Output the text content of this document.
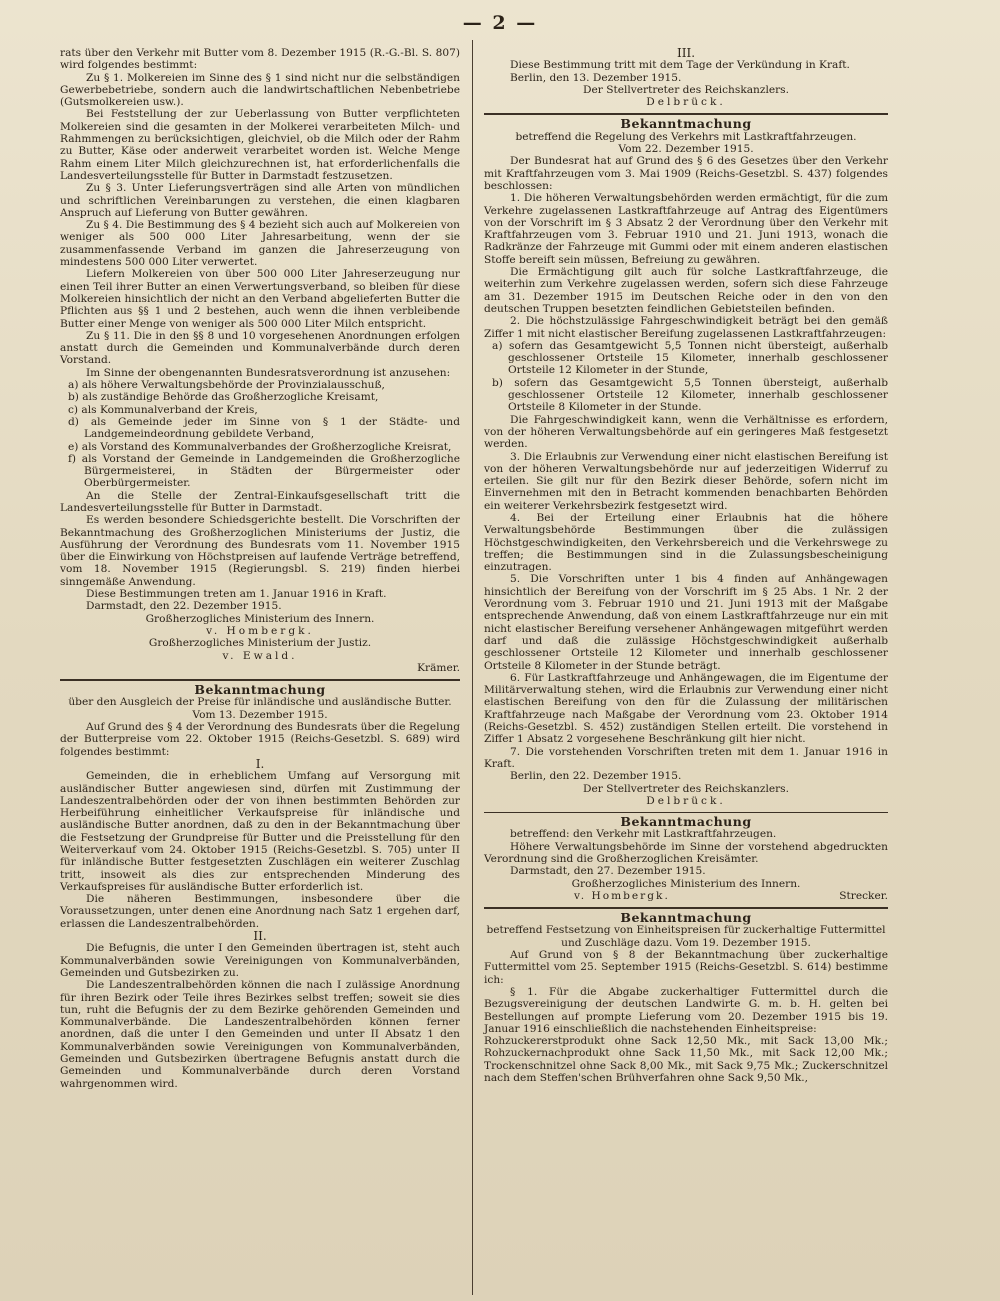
— 2 —

rats über den Verkehr mit Butter vom 8. Dezember 1915 (R.-G.-Bl. S. 807) wird folgendes bestimmt:

Zu § 1. Molkereien im Sinne des § 1 sind nicht nur die selbständigen Gewerbebetriebe, sondern auch die landwirtschaftlichen Nebenbetriebe (Gutsmolkereien usw.).

Bei Feststellung der zur Ueberlassung von Butter verpflichteten Molkereien sind die gesamten in der Molkerei verarbeiteten Milch- und Rahmmengen zu berücksichtigen, gleichviel, ob die Milch oder der Rahm zu Butter, Käse oder anderweit verarbeitet worden ist. Welche Menge Rahm einem Liter Milch gleichzurechnen ist, hat erforderlichenfalls die Landesverteilungsstelle für Butter in Darmstadt festzusetzen.

Zu § 3. Unter Lieferungsverträgen sind alle Arten von mündlichen und schriftlichen Vereinbarungen zu verstehen, die einen klagbaren Anspruch auf Lieferung von Butter gewähren.

Zu § 4. Die Bestimmung des § 4 bezieht sich auch auf Molkereien von weniger als 500 000 Liter Jahresarbeitung, wenn der sie zusammenfassende Verband im ganzen die Jahreserzeugung von mindestens 500 000 Liter verwertet.

Liefern Molkereien von über 500 000 Liter Jahreserzeugung nur einen Teil ihrer Butter an einen Verwertungsverband, so bleiben für diese Molkereien hinsichtlich der nicht an den Verband abgelieferten Butter die Pflichten aus §§ 1 und 2 bestehen, auch wenn die ihnen verbleibende Butter einer Menge von weniger als 500 000 Liter Milch entspricht.

Zu § 11. Die in den §§ 8 und 10 vorgesehenen Anordnungen erfolgen anstatt durch die Gemeinden und Kommunalverbände durch deren Vorstand.

Im Sinne der obengenannten Bundesratsverordnung ist anzusehen:

a) als höhere Verwaltungsbehörde der Provinzialausschuß,

b) als zuständige Behörde das Großherzogliche Kreisamt,

c) als Kommunalverband der Kreis,

d) als Gemeinde jeder im Sinne von § 1 der Städte- und Landgemeindeordnung gebildete Verband,

e) als Vorstand des Kommunalverbandes der Großherzogliche Kreisrat,

f) als Vorstand der Gemeinde in Landgemeinden die Großherzogliche Bürgermeisterei, in Städten der Bürgermeister oder Oberbürgermeister.

An die Stelle der Zentral-Einkaufsgesellschaft tritt die Landesverteilungsstelle für Butter in Darmstadt.

Es werden besondere Schiedsgerichte bestellt. Die Vorschriften der Bekanntmachung des Großherzoglichen Ministeriums der Justiz, die Ausführung der Verordnung des Bundesrats vom 11. November 1915 über die Einwirkung von Höchstpreisen auf laufende Verträge betreffend, vom 18. November 1915 (Regierungsbl. S. 219) finden hierbei sinngemäße Anwendung.

Diese Bestimmungen treten am 1. Januar 1916 in Kraft.

Darmstadt, den 22. Dezember 1915.

Großherzogliches Ministerium des Innern.

v. Hombergk.

Großherzogliches Ministerium der Justiz.

v. Ewald.

Krämer.

Bekanntmachung

über den Ausgleich der Preise für inländische und ausländische Butter.

Vom 13. Dezember 1915.

Auf Grund des § 4 der Verordnung des Bundesrats über die Regelung der Butterpreise vom 22. Oktober 1915 (Reichs-Gesetzbl. S. 689) wird folgendes bestimmt:

I.

Gemeinden, die in erheblichem Umfang auf Versorgung mit ausländischer Butter angewiesen sind, dürfen mit Zustimmung der Landeszentralbehörden oder der von ihnen bestimmten Behörden zur Herbeiführung einheitlicher Verkaufspreise für inländische und ausländische Butter anordnen, daß zu den in der Bekanntmachung über die Festsetzung der Grundpreise für Butter und die Preisstellung für den Weiterverkauf vom 24. Oktober 1915 (Reichs-Gesetzbl. S. 705) unter II für inländische Butter festgesetzten Zuschlägen ein weiterer Zuschlag tritt, insoweit als dies zur entsprechenden Minderung des Verkaufspreises für ausländische Butter erforderlich ist.

Die näheren Bestimmungen, insbesondere über die Voraussetzungen, unter denen eine Anordnung nach Satz 1 ergehen darf, erlassen die Landeszentralbehörden.

II.

Die Befugnis, die unter I den Gemeinden übertragen ist, steht auch Kommunalverbänden sowie Vereinigungen von Kommunalverbänden, Gemeinden und Gutsbezirken zu.

Die Landeszentralbehörden können die nach I zulässige Anordnung für ihren Bezirk oder Teile ihres Bezirkes selbst treffen; soweit sie dies tun, ruht die Befugnis der zu dem Bezirke gehörenden Gemeinden und Kommunalverbände. Die Landeszentralbehörden können ferner anordnen, daß die unter I den Gemeinden und unter II Absatz 1 den Kommunalverbänden sowie Vereinigungen von Kommunalverbänden, Gemeinden und Gutsbezirken übertragene Befugnis anstatt durch die Gemeinden und Kommunalverbände durch deren Vorstand wahrgenommen wird.

III.

Diese Bestimmung tritt mit dem Tage der Verkündung in Kraft.

Berlin, den 13. Dezember 1915.

Der Stellvertreter des Reichskanzlers.

Delbrück.

Bekanntmachung

betreffend die Regelung des Verkehrs mit Lastkraftfahrzeugen.

Vom 22. Dezember 1915.

Der Bundesrat hat auf Grund des § 6 des Gesetzes über den Verkehr mit Kraftfahrzeugen vom 3. Mai 1909 (Reichs-Gesetzbl. S. 437) folgendes beschlossen:

1. Die höheren Verwaltungsbehörden werden ermächtigt, für die zum Verkehre zugelassenen Lastkraftfahrzeuge auf Antrag des Eigentümers von der Vorschrift im § 3 Absatz 2 der Verordnung über den Verkehr mit Kraftfahrzeugen vom 3. Februar 1910 und 21. Juni 1913, wonach die Radkränze der Fahrzeuge mit Gummi oder mit einem anderen elastischen Stoffe bereift sein müssen, Befreiung zu gewähren.

Die Ermächtigung gilt auch für solche Lastkraftfahrzeuge, die weiterhin zum Verkehre zugelassen werden, sofern sich diese Fahrzeuge am 31. Dezember 1915 im Deutschen Reiche oder in den von den deutschen Truppen besetzten feindlichen Gebietsteilen befinden.

2. Die höchstzulässige Fahrgeschwindigkeit beträgt bei den gemäß Ziffer 1 mit nicht elastischer Bereifung zugelassenen Lastkraftfahrzeugen:

a) sofern das Gesamtgewicht 5,5 Tonnen nicht übersteigt, außerhalb geschlossener Ortsteile 15 Kilometer, innerhalb geschlossener Ortsteile 12 Kilometer in der Stunde,

b) sofern das Gesamtgewicht 5,5 Tonnen übersteigt, außerhalb geschlossener Ortsteile 12 Kilometer, innerhalb geschlossener Ortsteile 8 Kilometer in der Stunde.

Die Fahrgeschwindigkeit kann, wenn die Verhältnisse es erfordern, von der höheren Verwaltungsbehörde auf ein geringeres Maß festgesetzt werden.

3. Die Erlaubnis zur Verwendung einer nicht elastischen Bereifung ist von der höheren Verwaltungsbehörde nur auf jederzeitigen Widerruf zu erteilen. Sie gilt nur für den Bezirk dieser Behörde, sofern nicht im Einvernehmen mit den in Betracht kommenden benachbarten Behörden ein weiterer Verkehrsbezirk festgesetzt wird.

4. Bei der Erteilung einer Erlaubnis hat die höhere Verwaltungsbehörde Bestimmungen über die zulässigen Höchstgeschwindigkeiten, den Verkehrsbereich und die Verkehrswege zu treffen; die Bestimmungen sind in die Zulassungsbescheinigung einzutragen.

5. Die Vorschriften unter 1 bis 4 finden auf Anhängewagen hinsichtlich der Bereifung von der Vorschrift im § 25 Abs. 1 Nr. 2 der Verordnung vom 3. Februar 1910 und 21. Juni 1913 mit der Maßgabe entsprechende Anwendung, daß von einem Lastkraftfahrzeuge nur ein mit nicht elastischer Bereifung versehener Anhängewagen mitgeführt werden darf und daß die zulässige Höchstgeschwindigkeit außerhalb geschlossener Ortsteile 12 Kilometer und innerhalb geschlossener Ortsteile 8 Kilometer in der Stunde beträgt.

6. Für Lastkraftfahrzeuge und Anhängewagen, die im Eigentume der Militärverwaltung stehen, wird die Erlaubnis zur Verwendung einer nicht elastischen Bereifung von den für die Zulassung der militärischen Kraftfahrzeuge nach Maßgabe der Verordnung vom 23. Oktober 1914 (Reichs-Gesetzbl. S. 452) zuständigen Stellen erteilt. Die vorstehend in Ziffer 1 Absatz 2 vorgesehene Beschränkung gilt hier nicht.

7. Die vorstehenden Vorschriften treten mit dem 1. Januar 1916 in Kraft.

Berlin, den 22. Dezember 1915.

Der Stellvertreter des Reichskanzlers.

Delbrück.

Bekanntmachung

betreffend: den Verkehr mit Lastkraftfahrzeugen.

Höhere Verwaltungsbehörde im Sinne der vorstehend abgedruckten Verordnung sind die Großherzoglichen Kreisämter.

Darmstadt, den 27. Dezember 1915.

Großherzogliches Ministerium des Innern.

v. Hombergk.	Strecker.

Bekanntmachung

betreffend Festsetzung von Einheitspreisen für zuckerhaltige Futtermittel und Zuschläge dazu. Vom 19. Dezember 1915.

Auf Grund von § 8 der Bekanntmachung über zuckerhaltige Futtermittel vom 25. September 1915 (Reichs-Gesetzbl. S. 614) bestimme ich:

§ 1. Für die Abgabe zuckerhaltiger Futtermittel durch die Bezugsvereinigung der deutschen Landwirte G. m. b. H. gelten bei Bestellungen auf prompte Lieferung vom 20. Dezember 1915 bis 19. Januar 1916 einschließlich die nachstehenden Einheitspreise:

Rohzuckererstprodukt ohne Sack 12,50 Mk., mit Sack 13,00 Mk.; Rohzuckernachprodukt ohne Sack 11,50 Mk., mit Sack 12,00 Mk.; Trockenschnitzel ohne Sack 8,00 Mk., mit Sack 9,75 Mk.; Zuckerschnitzel nach dem Steffen'schen Brühverfahren ohne Sack 9,50 Mk.,
